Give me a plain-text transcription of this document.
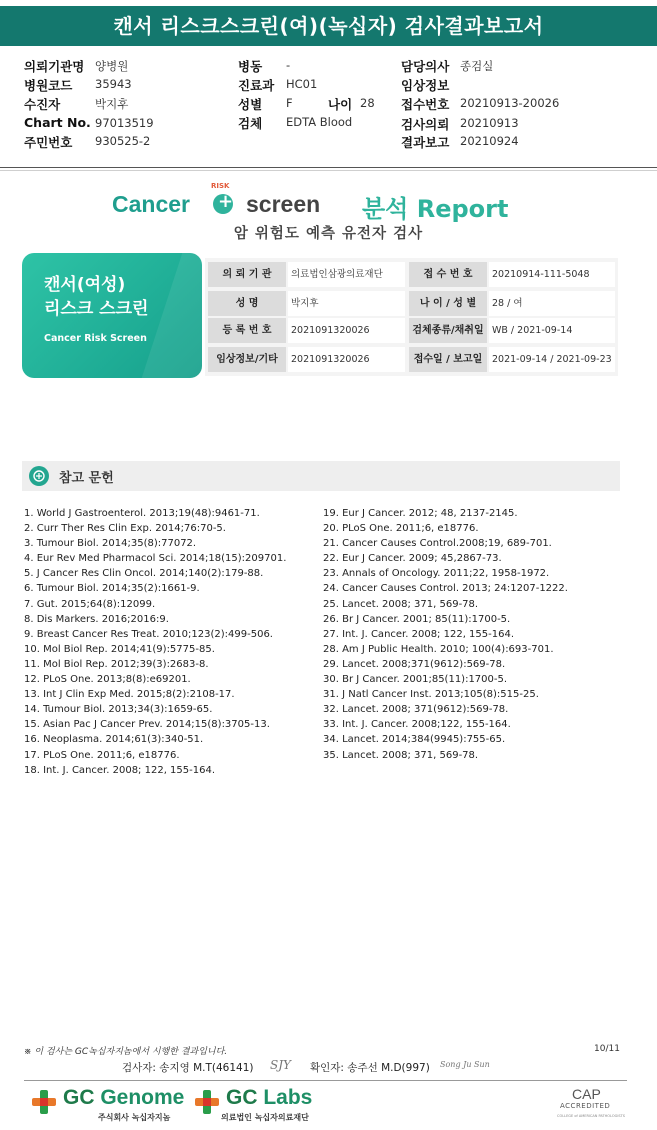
캔서 리스크스크린(여)(녹십자) 검사결과보고서
의뢰기관명 양병원
병원코드 35943
수진자	박지후
Chart No. 97013519
주민번호 930525-2
병동 -
진료과 HC01
성별 F	나이 28
검체 EDTA Blood
담당의사 종검실
임상정보
접수번호 20210913-20026
검사의뢰 20210913
결과보고 20210924
Cancer
RISK
+
screen 분석 Report
암 위험도 예측 유전자 검사
캔서(여성)
리스크 스크린
Cancer Risk Screen
의 뢰 기 관	의료법인삼광의료재단	접 수 번 호	20210914-111-5048
성 명	박지후	나 이 / 성 별	28 / 여
등 록 번 호	2021091320026	검체종류/채취일 WB / 2021-09-14
임상정보/기타	2021091320026	접수일 / 보고일	2021-09-14 / 2021-09-23
참고 문헌
1. World J Gastroenterol. 2013;19(48):9461-71.
2. Curr Ther Res Clin Exp. 2014;76:70-5.
3. Tumour Biol. 2014;35(8):77072.
4. Eur Rev Med Pharmacol Sci. 2014;18(15):209701.
5. J Cancer Res Clin Oncol. 2014;140(2):179-88.
6. Tumour Biol. 2014;35(2):1661-9.
7. Gut. 2015;64(8):12099.
8. Dis Markers. 2016;2016:9.
9. Breast Cancer Res Treat. 2010;123(2):499-506.
10. Mol Biol Rep. 2014;41(9):5775-85.
11. Mol Biol Rep. 2012;39(3):2683-8.
12. PLoS One. 2013;8(8):e69201.
13. Int J Clin Exp Med. 2015;8(2):2108-17.
14. Tumour Biol. 2013;34(3):1659-65.
15. Asian Pac J Cancer Prev. 2014;15(8):3705-13.
16. Neoplasma. 2014;61(3):340-51.
17. PLoS One. 2011;6, e18776.
18. Int. J. Cancer. 2008; 122, 155-164.
19. Eur J Cancer. 2012; 48, 2137-2145.
20. PLoS One. 2011;6, e18776.
21. Cancer Causes Control.2008;19, 689-701.
22. Eur J Cancer. 2009; 45,2867-73.
23. Annals of Oncology. 2011;22, 1958-1972.
24. Cancer Causes Control. 2013; 24:1207-1222.
25. Lancet. 2008; 371, 569-78.
26. Br J Cancer. 2001; 85(11):1700-5.
27. Int. J. Cancer. 2008; 122, 155-164.
28. Am J Public Health. 2010; 100(4):693-701.
29. Lancet. 2008;371(9612):569-78.
30. Br J Cancer. 2001;85(11):1700-5.
31. J Natl Cancer Inst. 2013;105(8):515-25.
32. Lancet. 2008; 371(9612):569-78.
33. Int. J. Cancer. 2008;122, 155-164.
34. Lancet. 2014;384(9945):755-65.
35. Lancet. 2008; 371, 569-78.
※ 이 검사는 GC녹십자지놈에서 시행한 결과입니다.	10/11
검사자: 송지영 M.T(46141) SJY 확인자: 송주선 M.D(997) Song Ju Sun
GC Genome
주식회사 녹십자지놈
GC Labs
의료법인 녹십자의료재단
CAP
ACCREDITED
COLLEGE of AMERICAN PATHOLOGISTS
